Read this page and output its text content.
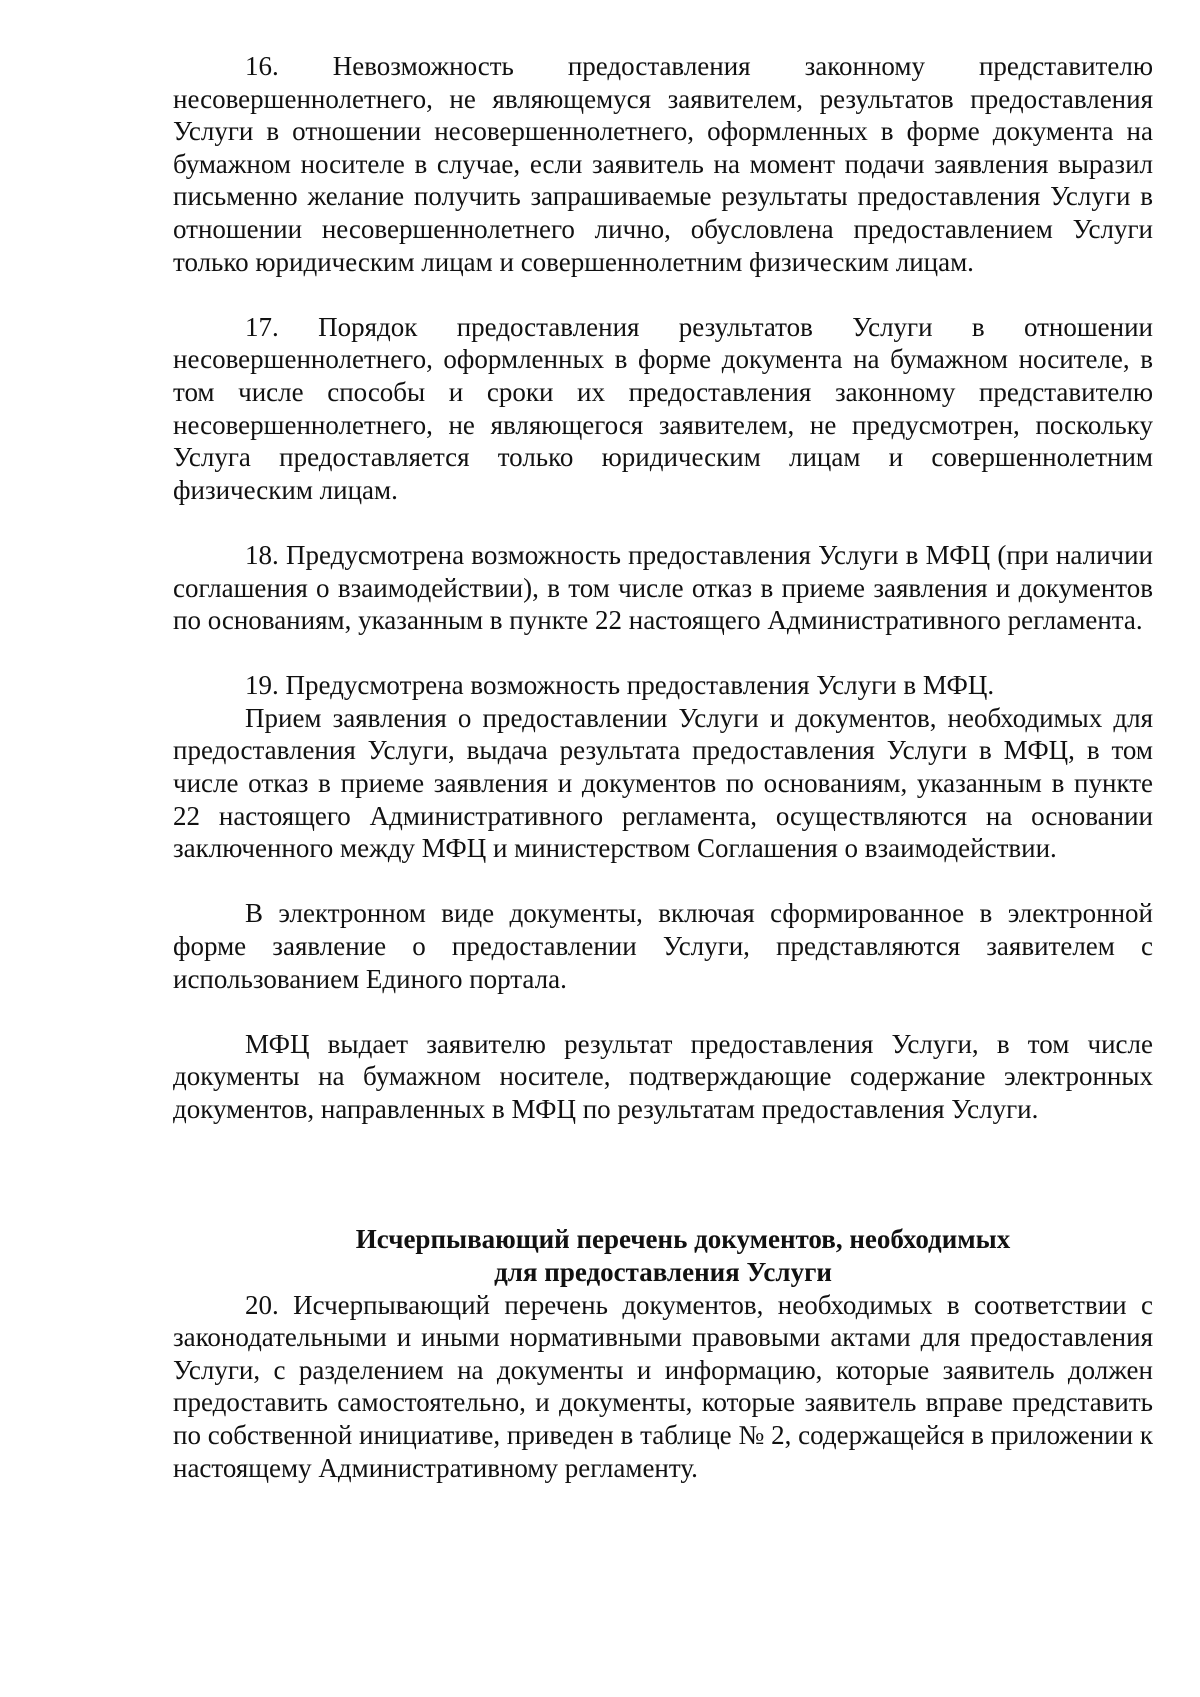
16. Невозможность предоставления законному представителю несовершеннолетнего, не являющемуся заявителем, результатов предоставления Услуги в отношении несовершеннолетнего, оформленных в форме документа на бумажном носителе в случае, если заявитель на момент подачи заявления выразил письменно желание получить запрашиваемые результаты предоставления Услуги в отношении несовершеннолетнего лично, обусловлена предоставлением Услуги только юридическим лицам и совершеннолетним физическим лицам.

17. Порядок предоставления результатов Услуги в отношении несовершеннолетнего, оформленных в форме документа на бумажном носителе, в том числе способы и сроки их предоставления законному представителю несовершеннолетнего, не являющегося заявителем, не предусмотрен, поскольку Услуга предоставляется только юридическим лицам и совершеннолетним физическим лицам.

18. Предусмотрена возможность предоставления Услуги в МФЦ (при наличии соглашения о взаимодействии), в том числе отказ в приеме заявления и документов по основаниям, указанным в пункте 22 настоящего Административного регламента.

19. Предусмотрена возможность предоставления Услуги в МФЦ.

Прием заявления о предоставлении Услуги и документов, необходимых для предоставления Услуги, выдача результата предоставления Услуги в МФЦ, в том числе отказ в приеме заявления и документов по основаниям, указанным в пункте 22 настоящего Административного регламента, осуществляются на основании заключенного между МФЦ и министерством Соглашения о взаимодействии.

В электронном виде документы, включая сформированное в электронной форме заявление о предоставлении Услуги, представляются заявителем с использованием Единого портала.

МФЦ выдает заявителю результат предоставления Услуги, в том числе документы на бумажном носителе, подтверждающие содержание электронных документов, направленных в МФЦ по результатам предоставления Услуги.

Исчерпывающий перечень документов, необходимых
для предоставления Услуги

20. Исчерпывающий перечень документов, необходимых в соответствии с законодательными и иными нормативными правовыми актами для предоставления Услуги, с разделением на документы и информацию, которые заявитель должен предоставить самостоятельно, и документы, которые заявитель вправе представить по собственной инициативе, приведен в таблице № 2, содержащейся в приложении к настоящему Административному регламенту.
